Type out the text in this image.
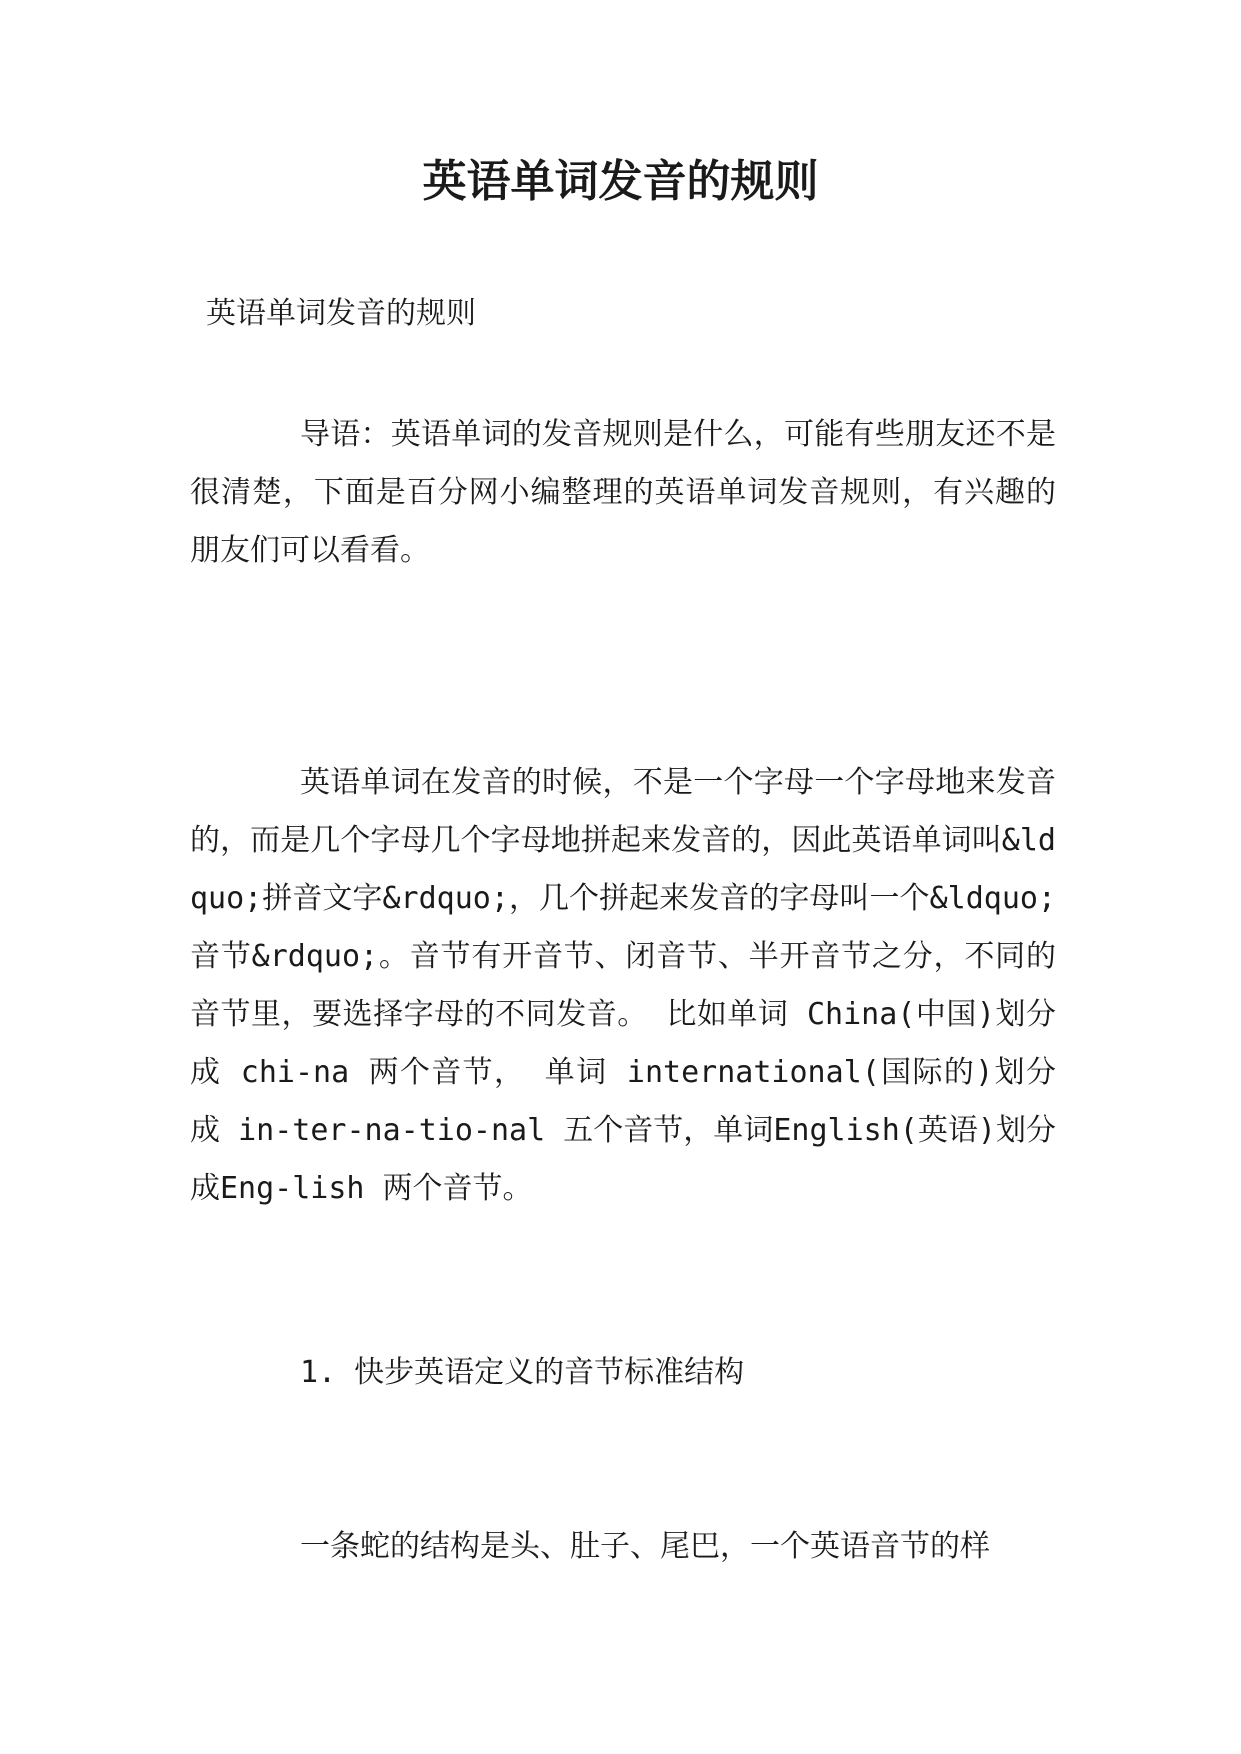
英语单词发音的规则

英语单词发音的规则

导语：英语单词的发音规则是什么，可能有些朋友还不是很清楚，下面是百分网小编整理的英语单词发音规则，有兴趣的朋友们可以看看。

英语单词在发音的时候，不是一个字母一个字母地来发音的，而是几个字母几个字母地拼起来发音的，因此英语单词叫&ldquo;拼音文字&rdquo;，几个拼起来发音的字母叫一个&ldquo;音节&rdquo;。音节有开音节、闭音节、半开音节之分，不同的音节里，要选择字母的不同发音。 比如单词 China(中国)划分成 chi-na 两个音节， 单词 international(国际的)划分成 in-ter-na-tio-nal 五个音节，单词English(英语)划分成Eng-lish 两个音节。

1. 快步英语定义的音节标准结构

一条蛇的结构是头、肚子、尾巴，一个英语音节的样
